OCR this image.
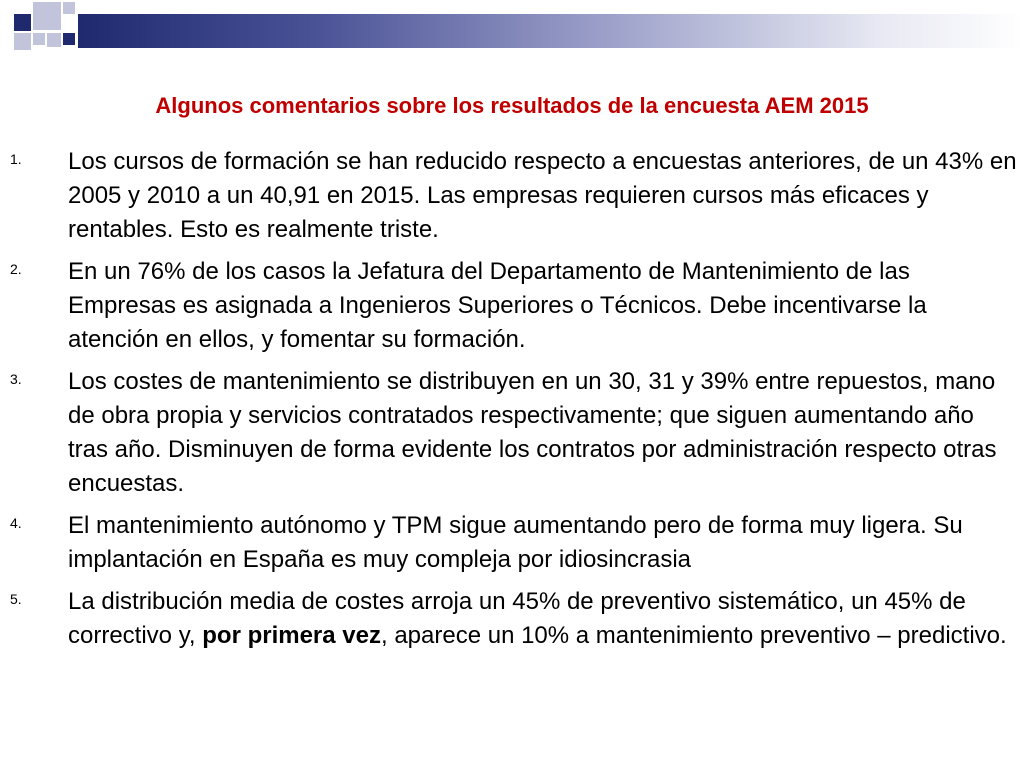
Algunos comentarios sobre los resultados de la encuesta AEM 2015
1. Los cursos de formación se han reducido respecto a encuestas anteriores, de un 43% en 2005 y 2010 a un 40,91 en 2015. Las empresas requieren cursos más eficaces y rentables. Esto es realmente triste.
2. En un 76% de los casos la Jefatura del Departamento de Mantenimiento de las Empresas es asignada a Ingenieros Superiores o Técnicos. Debe incentivarse la atención en ellos, y fomentar su formación.
3. Los costes de mantenimiento se distribuyen en un 30, 31 y 39% entre repuestos, mano de obra propia y servicios contratados respectivamente; que siguen aumentando año tras año. Disminuyen de forma evidente los contratos por administración respecto otras encuestas.
4. El mantenimiento autónomo y TPM sigue aumentando pero de forma muy ligera. Su implantación en España es muy compleja por idiosincrasia
5. La distribución media de costes arroja un 45% de preventivo sistemático, un 45% de correctivo y, por primera vez, aparece un 10% a mantenimiento preventivo – predictivo.
